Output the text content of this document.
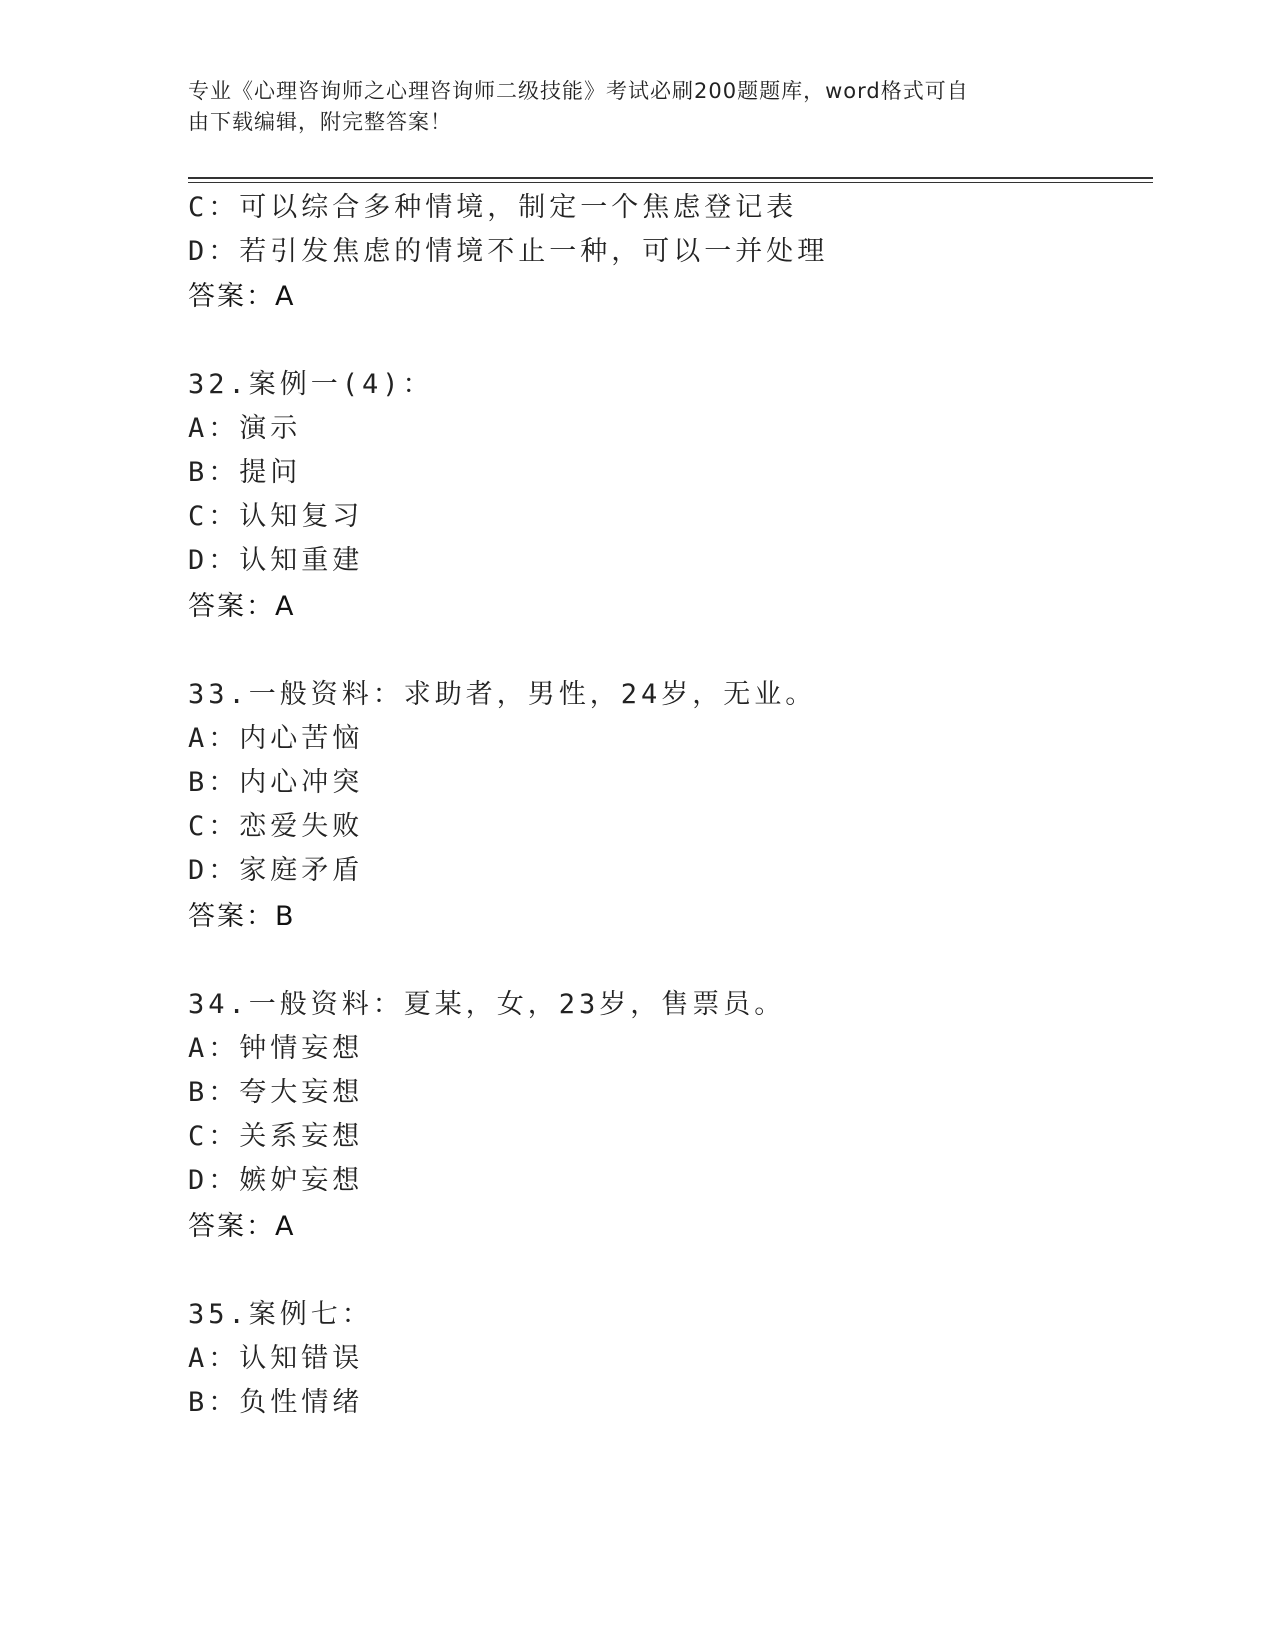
专业《心理咨询师之心理咨询师二级技能》考试必刷200题题库，word格式可自
由下载编辑，附完整答案！
C：可以综合多种情境，制定一个焦虑登记表
D：若引发焦虑的情境不止一种，可以一并处理
答案：A
32.案例一(4)：
A：演示
B：提问
C：认知复习
D：认知重建
答案：A
33.一般资料：求助者，男性，24岁，无业。
A：内心苦恼
B：内心冲突
C：恋爱失败
D：家庭矛盾
答案：B
34.一般资料：夏某，女，23岁，售票员。
A：钟情妄想
B：夸大妄想
C：关系妄想
D：嫉妒妄想
答案：A
35.案例七：
A：认知错误
B：负性情绪
